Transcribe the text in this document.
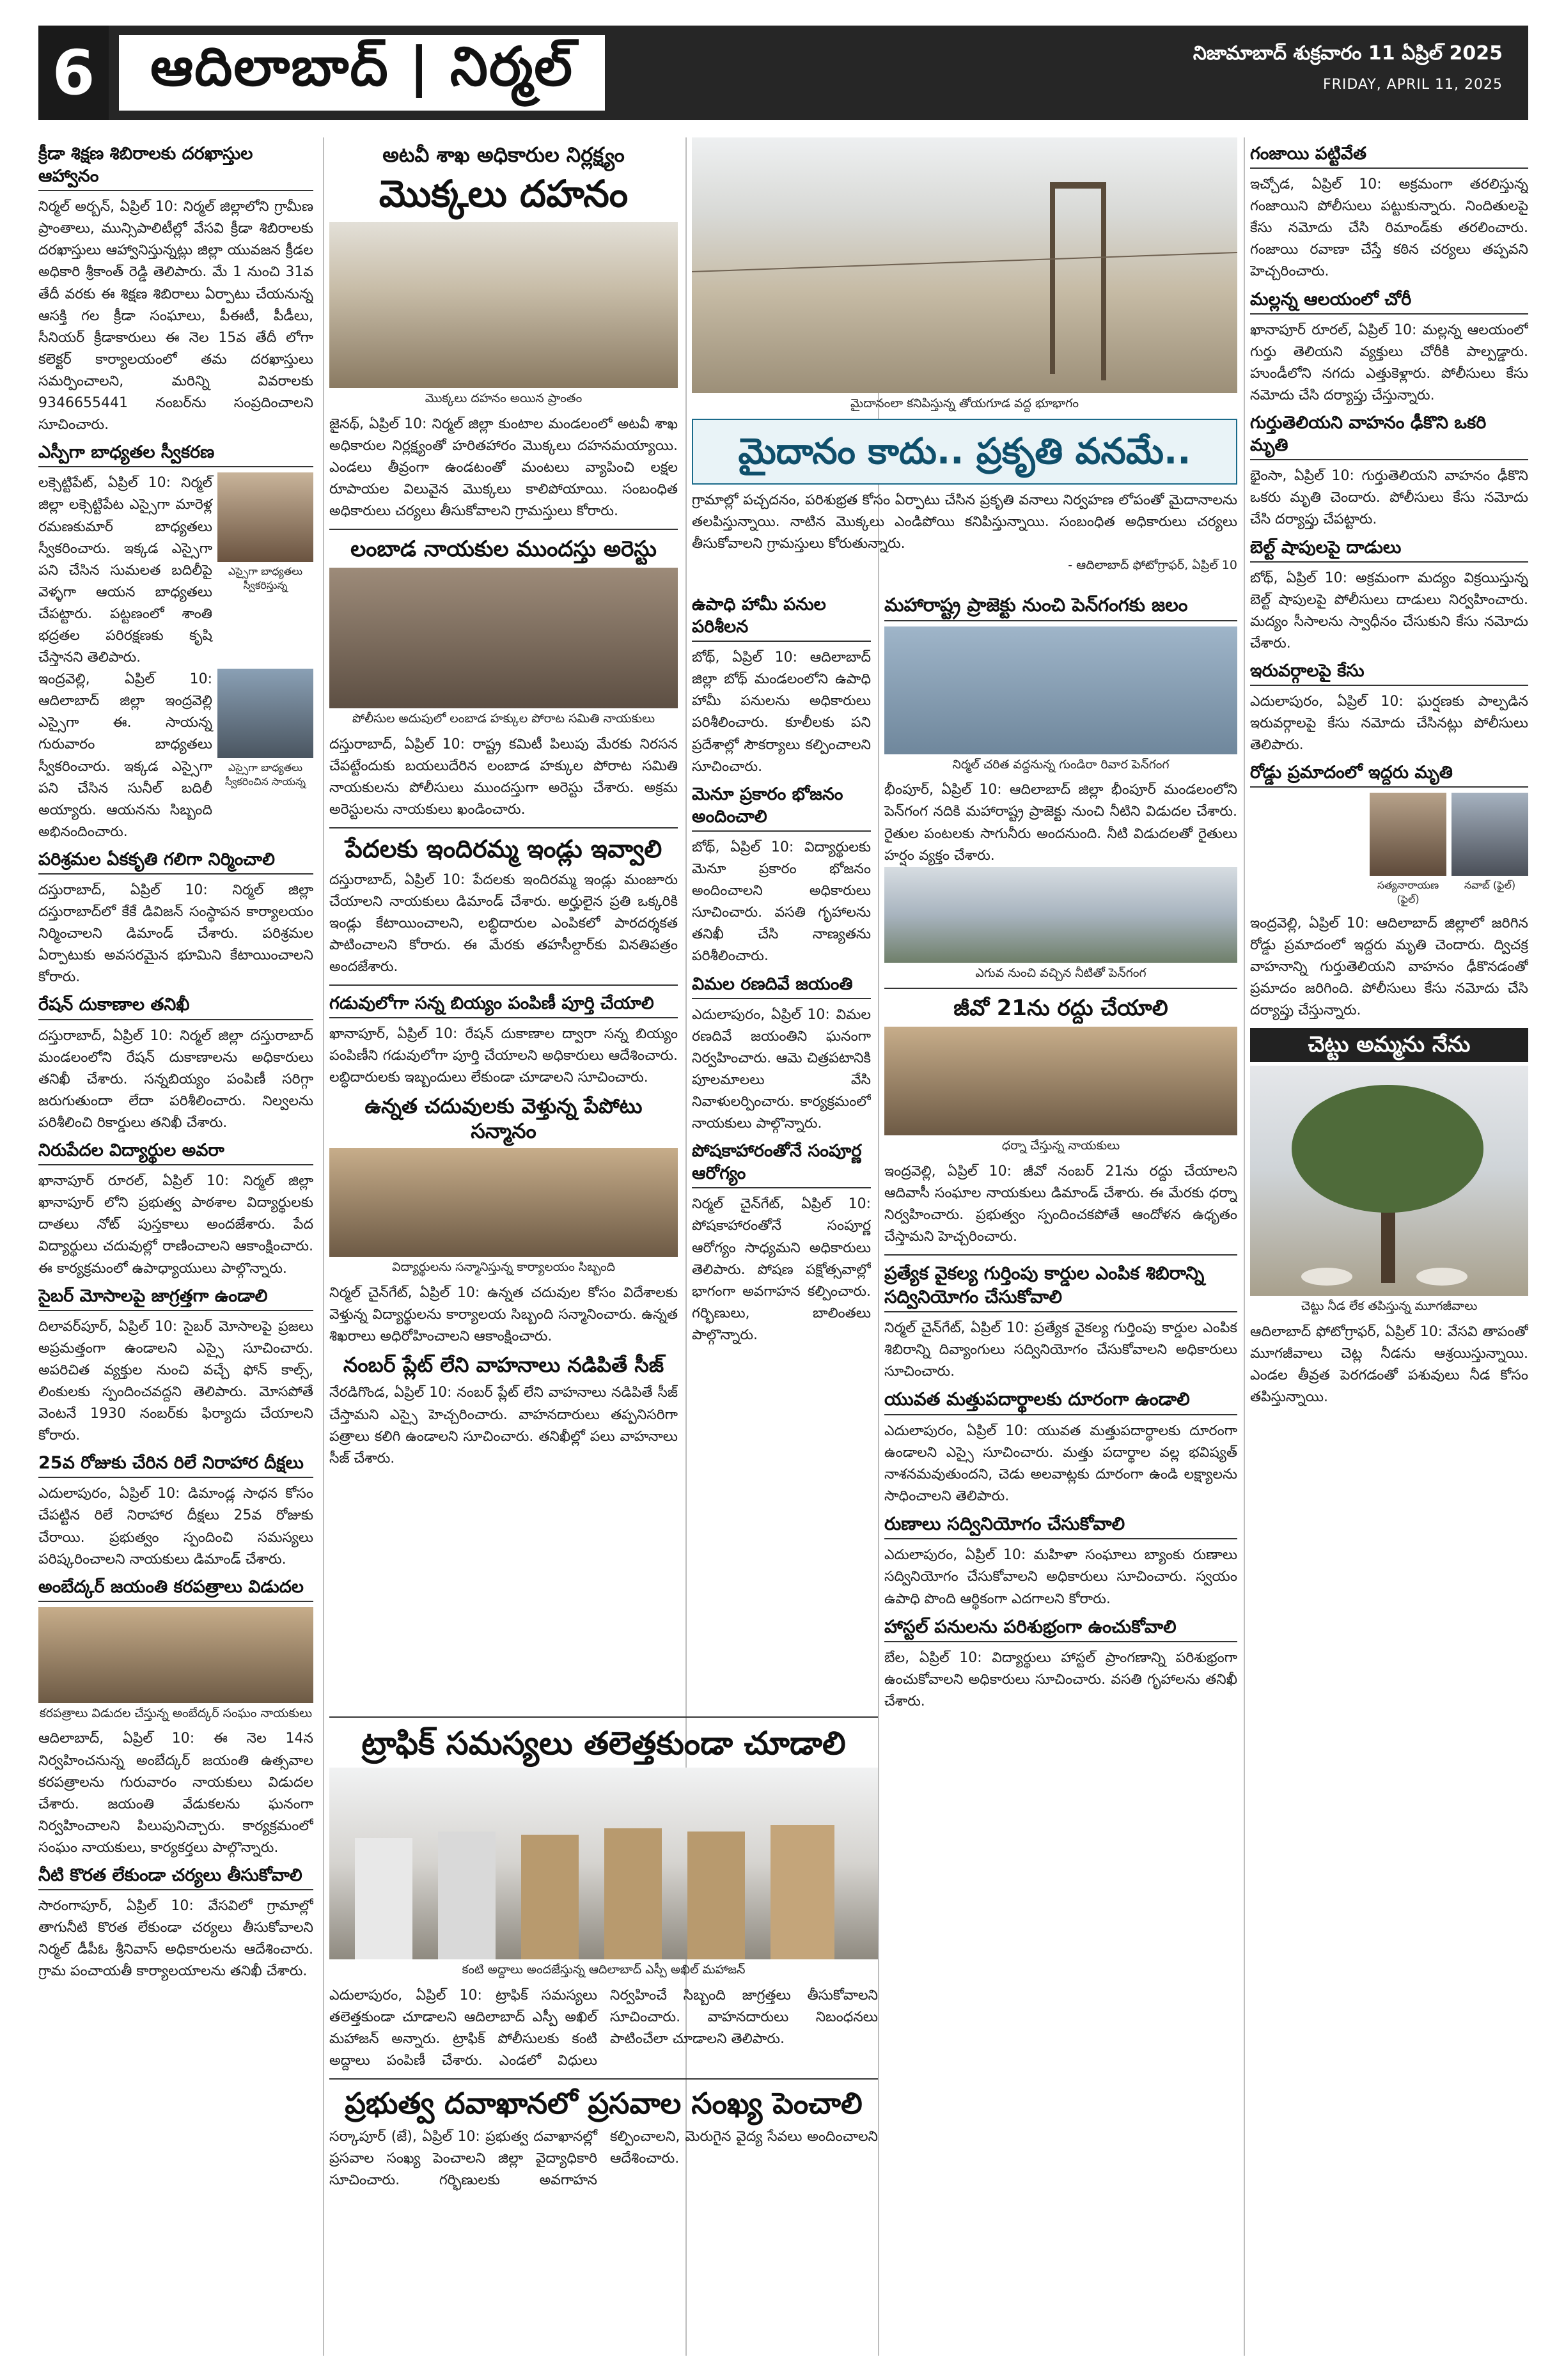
6	ఆదిలాబాద్ | నిర్మల్	నిజామాబాద్ శుక్రవారం 11 ఏప్రిల్ 2025
FRIDAY, APRIL 11, 2025
క్రీడా శిక్షణ శిబిరాలకు దరఖాస్తుల ఆహ్వానం
నిర్మల్ అర్బన్, ఏప్రిల్ 10: నిర్మల్ జిల్లాలోని గ్రామీణ ప్రాంతాలు, మున్సిపాలిటీల్లో వేసవి క్రీడా శిబిరాలకు దరఖాస్తులు ఆహ్వానిస్తున్నట్లు జిల్లా యువజన క్రీడల అధికారి శ్రీకాంత్ రెడ్డి తెలిపారు. మే 1 నుంచి 31వ తేదీ వరకు ఈ శిక్షణ శిబిరాలు ఏర్పాటు చేయనున్న ఆసక్తి గల క్రీడా సంఘాలు, పీఈటీ, పీడీలు, సీనియర్ క్రీడాకారులు ఈ నెల 15వ తేదీ లోగా కలెక్టర్ కార్యాలయంలో తమ దరఖాస్తులు సమర్పించాలని, మరిన్ని వివరాలకు 9346655441 నంబర్‌ను సంప్రదించాలని సూచించారు.
ఎస్పీగా బాధ్యతల స్వీకరణ
లక్సెట్టిపేట్, ఏప్రిల్ 10: నిర్మల్ జిల్లా లక్సెట్టిపేట ఎస్సైగా మారెళ్ల రమణకుమార్ బాధ్యతలు స్వీకరించారు. ఇక్కడ ఎస్సైగా పని చేసిన సుమలత బదిలీపై వెళ్ళగా ఆయన బాధ్యతలు చేపట్టారు. పట్టణంలో శాంతి భద్రతల పరిరక్షణకు కృషి చేస్తానని తెలిపారు.
ఎస్సైగా బాధ్యతలు స్వీకరిస్తున్న
ఇంద్రవెల్లి, ఏప్రిల్ 10: ఆదిలాబాద్ జిల్లా ఇంద్రవెల్లి ఎస్సైగా ఈ. సాయన్న గురువారం బాధ్యతలు స్వీకరించారు. ఇక్కడ ఎస్సైగా పని చేసిన సునీల్ బదిలీ అయ్యారు. ఆయనను సిబ్బంది అభినందించారు.
ఎస్సైగా బాధ్యతలు స్వీకరించిన సాయన్న
పరిశ్రమల ఏకకృతి గలిగా నిర్మించాలి
దస్తురాబాద్, ఏప్రిల్ 10: నిర్మల్ జిల్లా దస్తురాబాద్‌లో కేకే డివిజన్ సంస్థాపన కార్యాలయం నిర్మించాలని డిమాండ్ చేశారు. పరిశ్రమల ఏర్పాటుకు అవసరమైన భూమిని కేటాయించాలని కోరారు.
రేషన్ దుకాణాల తనిఖీ
దస్తురాబాద్, ఏప్రిల్ 10: నిర్మల్ జిల్లా దస్తురాబాద్ మండలంలోని రేషన్ దుకాణాలను అధికారులు తనిఖీ చేశారు. సన్నబియ్యం పంపిణీ సరిగ్గా జరుగుతుందా లేదా పరిశీలించారు. నిల్వలను పరిశీలించి రికార్డులు తనిఖీ చేశారు.
నిరుపేదల విద్యార్థుల అవరా
ఖానాపూర్ రూరల్, ఏప్రిల్ 10: నిర్మల్ జిల్లా ఖానాపూర్ లోని ప్రభుత్వ పాఠశాల విద్యార్థులకు దాతలు నోట్ పుస్తకాలు అందజేశారు. పేద విద్యార్థులు చదువుల్లో రాణించాలని ఆకాంక్షించారు. ఈ కార్యక్రమంలో ఉపాధ్యాయులు పాల్గొన్నారు.
సైబర్ మోసాలపై జాగ్రత్తగా ఉండాలి
దిలావర్‌పూర్, ఏప్రిల్ 10: సైబర్ మోసాలపై ప్రజలు అప్రమత్తంగా ఉండాలని ఎస్సై సూచించారు. అపరిచిత వ్యక్తుల నుంచి వచ్చే ఫోన్ కాల్స్, లింకులకు స్పందించవద్దని తెలిపారు. మోసపోతే వెంటనే 1930 నంబర్‌కు ఫిర్యాదు చేయాలని కోరారు.
25వ రోజుకు చేరిన రిలే నిరాహార దీక్షలు
ఎదులాపురం, ఏప్రిల్ 10: డిమాండ్ల సాధన కోసం చేపట్టిన రిలే నిరాహార దీక్షలు 25వ రోజుకు చేరాయి. ప్రభుత్వం స్పందించి సమస్యలు పరిష్కరించాలని నాయకులు డిమాండ్ చేశారు.
అంబేద్కర్ జయంతి కరపత్రాలు విడుదల
కరపత్రాలు విడుదల చేస్తున్న అంబేద్కర్ సంఘం నాయకులు
ఆదిలాబాద్, ఏప్రిల్ 10: ఈ నెల 14న నిర్వహించనున్న అంబేద్కర్ జయంతి ఉత్సవాల కరపత్రాలను గురువారం నాయకులు విడుదల చేశారు. జయంతి వేడుకలను ఘనంగా నిర్వహించాలని పిలుపునిచ్చారు. కార్యక్రమంలో సంఘం నాయకులు, కార్యకర్తలు పాల్గొన్నారు.
నీటి కొరత లేకుండా చర్యలు తీసుకోవాలి
సారంగాపూర్, ఏప్రిల్ 10: వేసవిలో గ్రామాల్లో తాగునీటి కొరత లేకుండా చర్యలు తీసుకోవాలని నిర్మల్ డీపీఓ శ్రీనివాస్ అధికారులను ఆదేశించారు. గ్రామ పంచాయతీ కార్యాలయాలను తనిఖీ చేశారు.
అటవీ శాఖ అధికారుల నిర్లక్ష్యం
మొక్కలు దహనం
మొక్కలు దహనం అయిన ప్రాంతం
జైనథ్, ఏప్రిల్ 10: నిర్మల్ జిల్లా కుంటాల మండలంలో అటవీ శాఖ అధికారుల నిర్లక్ష్యంతో హరితహారం మొక్కలు దహనమయ్యాయి. ఎండలు తీవ్రంగా ఉండటంతో మంటలు వ్యాపించి లక్షల రూపాయల విలువైన మొక్కలు కాలిపోయాయి. సంబంధిత అధికారులు చర్యలు తీసుకోవాలని గ్రామస్తులు కోరారు.
లంబాడ నాయకుల ముందస్తు అరెస్టు
పోలీసుల అదుపులో లంబాడ హక్కుల పోరాట సమితి నాయకులు
దస్తురాబాద్, ఏప్రిల్ 10: రాష్ట్ర కమిటీ పిలుపు మేరకు నిరసన చేపట్టేందుకు బయలుదేరిన లంబాడ హక్కుల పోరాట సమితి నాయకులను పోలీసులు ముందస్తుగా అరెస్టు చేశారు. అక్రమ అరెస్టులను నాయకులు ఖండించారు.
పేదలకు ఇందిరమ్మ ఇండ్లు ఇవ్వాలి
దస్తురాబాద్, ఏప్రిల్ 10: పేదలకు ఇందిరమ్మ ఇండ్లు మంజూరు చేయాలని నాయకులు డిమాండ్ చేశారు. అర్హులైన ప్రతి ఒక్కరికి ఇండ్లు కేటాయించాలని, లబ్ధిదారుల ఎంపికలో పారదర్శకత పాటించాలని కోరారు. ఈ మేరకు తహసీల్దార్‌కు వినతిపత్రం అందజేశారు.
గడువులోగా సన్న బియ్యం పంపిణీ పూర్తి చేయాలి
ఖానాపూర్, ఏప్రిల్ 10: రేషన్ దుకాణాల ద్వారా సన్న బియ్యం పంపిణీని గడువులోగా పూర్తి చేయాలని అధికారులు ఆదేశించారు. లబ్ధిదారులకు ఇబ్బందులు లేకుండా చూడాలని సూచించారు.
ఉన్నత చదువులకు వెళ్తున్న పేపోటు సన్మానం
విద్యార్థులను సన్మానిస్తున్న కార్యాలయం సిబ్బంది
నిర్మల్ చైన్‌గేట్, ఏప్రిల్ 10: ఉన్నత చదువుల కోసం విదేశాలకు వెళ్తున్న విద్యార్థులను కార్యాలయ సిబ్బంది సన్మానించారు. ఉన్నత శిఖరాలు అధిరోహించాలని ఆకాంక్షించారు.
నంబర్ ప్లేట్ లేని వాహనాలు నడిపితే సీజ్
నేరడిగొండ, ఏప్రిల్ 10: నంబర్ ప్లేట్ లేని వాహనాలు నడిపితే సీజ్ చేస్తామని ఎస్సై హెచ్చరించారు. వాహనదారులు తప్పనిసరిగా పత్రాలు కలిగి ఉండాలని సూచించారు. తనిఖీల్లో పలు వాహనాలు సీజ్ చేశారు.
మైదానంలా కనిపిస్తున్న తోయగూడ వద్ద భూభాగం
మైదానం కాదు.. ప్రకృతి వనమే..
గ్రామాల్లో పచ్చదనం, పరిశుభ్రత కోసం ఏర్పాటు చేసిన ప్రకృతి వనాలు నిర్వహణ లోపంతో మైదానాలను తలపిస్తున్నాయి. నాటిన మొక్కలు ఎండిపోయి కనిపిస్తున్నాయి. సంబంధిత అధికారులు చర్యలు తీసుకోవాలని గ్రామస్తులు కోరుతున్నారు.
- ఆదిలాబాద్ ఫోటోగ్రాఫర్, ఏప్రిల్ 10
ఉపాధి హామీ పనుల పరిశీలన
బోథ్, ఏప్రిల్ 10: ఆదిలాబాద్ జిల్లా బోథ్ మండలంలోని ఉపాధి హామీ పనులను అధికారులు పరిశీలించారు. కూలీలకు పని ప్రదేశాల్లో సౌకర్యాలు కల్పించాలని సూచించారు.
మెనూ ప్రకారం భోజనం అందించాలి
బోథ్, ఏప్రిల్ 10: విద్యార్థులకు మెనూ ప్రకారం భోజనం అందించాలని అధికారులు సూచించారు. వసతి గృహాలను తనిఖీ చేసి నాణ్యతను పరిశీలించారు.
విమల రణదివే జయంతి
ఎదులాపురం, ఏప్రిల్ 10: విమల రణదివే జయంతిని ఘనంగా నిర్వహించారు. ఆమె చిత్రపటానికి పూలమాలలు వేసి నివాళులర్పించారు. కార్యక్రమంలో నాయకులు పాల్గొన్నారు.
పోషకాహారంతోనే సంపూర్ణ ఆరోగ్యం
నిర్మల్ చైన్‌గేట్, ఏప్రిల్ 10: పోషకాహారంతోనే సంపూర్ణ ఆరోగ్యం సాధ్యమని అధికారులు తెలిపారు. పోషణ పక్షోత్సవాల్లో భాగంగా అవగాహన కల్పించారు. గర్భిణులు, బాలింతలు పాల్గొన్నారు.
మహారాష్ట్ర ప్రాజెక్టు నుంచి పెన్‌గంగకు జలం
నిర్మల్ చరిత వద్దనున్న గుండిరా రివార పెన్‌గంగ
భీంపూర్, ఏప్రిల్ 10: ఆదిలాబాద్ జిల్లా భీంపూర్ మండలంలోని పెన్‌గంగ నదికి మహారాష్ట్ర ప్రాజెక్టు నుంచి నీటిని విడుదల చేశారు. రైతుల పంటలకు సాగునీరు అందనుంది. నీటి విడుదలతో రైతులు హర్షం వ్యక్తం చేశారు.
ఎగువ నుంచి వచ్చిన నీటితో పెన్‌గంగ
జీవో 21ను రద్దు చేయాలి
ధర్నా చేస్తున్న నాయకులు
ఇంద్రవెల్లి, ఏప్రిల్ 10: జీవో నంబర్ 21ను రద్దు చేయాలని ఆదివాసీ సంఘాల నాయకులు డిమాండ్ చేశారు. ఈ మేరకు ధర్నా నిర్వహించారు. ప్రభుత్వం స్పందించకపోతే ఆందోళన ఉధృతం చేస్తామని హెచ్చరించారు.
ప్రత్యేక వైకల్య గుర్తింపు కార్డుల ఎంపిక శిబిరాన్ని సద్వినియోగం చేసుకోవాలి
నిర్మల్ చైన్‌గేట్, ఏప్రిల్ 10: ప్రత్యేక వైకల్య గుర్తింపు కార్డుల ఎంపిక శిబిరాన్ని దివ్యాంగులు సద్వినియోగం చేసుకోవాలని అధికారులు సూచించారు.
యువత మత్తుపదార్థాలకు దూరంగా ఉండాలి
ఎదులాపురం, ఏప్రిల్ 10: యువత మత్తుపదార్థాలకు దూరంగా ఉండాలని ఎస్సై సూచించారు. మత్తు పదార్థాల వల్ల భవిష్యత్ నాశనమవుతుందని, చెడు అలవాట్లకు దూరంగా ఉండి లక్ష్యాలను సాధించాలని తెలిపారు.
రుణాలు సద్వినియోగం చేసుకోవాలి
ఎదులాపురం, ఏప్రిల్ 10: మహిళా సంఘాలు బ్యాంకు రుణాలు సద్వినియోగం చేసుకోవాలని అధికారులు సూచించారు. స్వయం ఉపాధి పొంది ఆర్థికంగా ఎదగాలని కోరారు.
హాస్టల్ పనులను పరిశుభ్రంగా ఉంచుకోవాలి
బేల, ఏప్రిల్ 10: విద్యార్థులు హాస్టల్ ప్రాంగణాన్ని పరిశుభ్రంగా ఉంచుకోవాలని అధికారులు సూచించారు. వసతి గృహాలను తనిఖీ చేశారు.
ట్రాఫిక్ సమస్యలు తలెత్తకుండా చూడాలి
కంటి అద్దాలు అందజేస్తున్న ఆదిలాబాద్ ఎస్పీ అఖిల్ మహాజన్
ఎదులాపురం, ఏప్రిల్ 10: ట్రాఫిక్ సమస్యలు తలెత్తకుండా చూడాలని ఆదిలాబాద్ ఎస్పీ అఖిల్ మహాజన్ అన్నారు. ట్రాఫిక్ పోలీసులకు కంటి అద్దాలు పంపిణీ చేశారు. ఎండలో విధులు నిర్వహించే సిబ్బంది జాగ్రత్తలు తీసుకోవాలని సూచించారు. వాహనదారులు నిబంధనలు పాటించేలా చూడాలని తెలిపారు.
ప్రభుత్వ దవాఖానలో ప్రసవాల సంఖ్య పెంచాలి
సర్కాపూర్ (జే), ఏప్రిల్ 10: ప్రభుత్వ దవాఖానల్లో ప్రసవాల సంఖ్య పెంచాలని జిల్లా వైద్యాధికారి సూచించారు. గర్భిణులకు అవగాహన కల్పించాలని, మెరుగైన వైద్య సేవలు అందించాలని ఆదేశించారు.
గంజాయి పట్టివేత
ఇచ్చోడ, ఏప్రిల్ 10: అక్రమంగా తరలిస్తున్న గంజాయిని పోలీసులు పట్టుకున్నారు. నిందితులపై కేసు నమోదు చేసి రిమాండ్‌కు తరలించారు. గంజాయి రవాణా చేస్తే కఠిన చర్యలు తప్పవని హెచ్చరించారు.
మల్లన్న ఆలయంలో చోరీ
ఖానాపూర్ రూరల్, ఏప్రిల్ 10: మల్లన్న ఆలయంలో గుర్తు తెలియని వ్యక్తులు చోరీకి పాల్పడ్డారు. హుండీలోని నగదు ఎత్తుకెళ్లారు. పోలీసులు కేసు నమోదు చేసి దర్యాప్తు చేస్తున్నారు.
గుర్తుతెలియని వాహనం ఢీకొని ఒకరి మృతి
భైంసా, ఏప్రిల్ 10: గుర్తుతెలియని వాహనం ఢీకొని ఒకరు మృతి చెందారు. పోలీసులు కేసు నమోదు చేసి దర్యాప్తు చేపట్టారు.
బెల్ట్ షాపులపై దాడులు
బోథ్, ఏప్రిల్ 10: అక్రమంగా మద్యం విక్రయిస్తున్న బెల్ట్ షాపులపై పోలీసులు దాడులు నిర్వహించారు. మద్యం సీసాలను స్వాధీనం చేసుకుని కేసు నమోదు చేశారు.
ఇరువర్గాలపై కేసు
ఎదులాపురం, ఏప్రిల్ 10: ఘర్షణకు పాల్పడిన ఇరువర్గాలపై కేసు నమోదు చేసినట్లు పోలీసులు తెలిపారు.
రోడ్డు ప్రమాదంలో ఇద్దరు మృతి
సత్యనారాయణ (ఫైల్)
నవాబ్ (ఫైల్)
ఇంద్రవెల్లి, ఏప్రిల్ 10: ఆదిలాబాద్ జిల్లాలో జరిగిన రోడ్డు ప్రమాదంలో ఇద్దరు మృతి చెందారు. ద్విచక్ర వాహనాన్ని గుర్తుతెలియని వాహనం ఢీకొనడంతో ప్రమాదం జరిగింది. పోలీసులు కేసు నమోదు చేసి దర్యాప్తు చేస్తున్నారు.
చెట్టు అమ్మను నేను
చెట్టు నీడ లేక తపిస్తున్న మూగజీవాలు
ఆదిలాబాద్ ఫోటోగ్రాఫర్, ఏప్రిల్ 10: వేసవి తాపంతో మూగజీవాలు చెట్ల నీడను ఆశ్రయిస్తున్నాయి. ఎండల తీవ్రత పెరగడంతో పశువులు నీడ కోసం తపిస్తున్నాయి.
